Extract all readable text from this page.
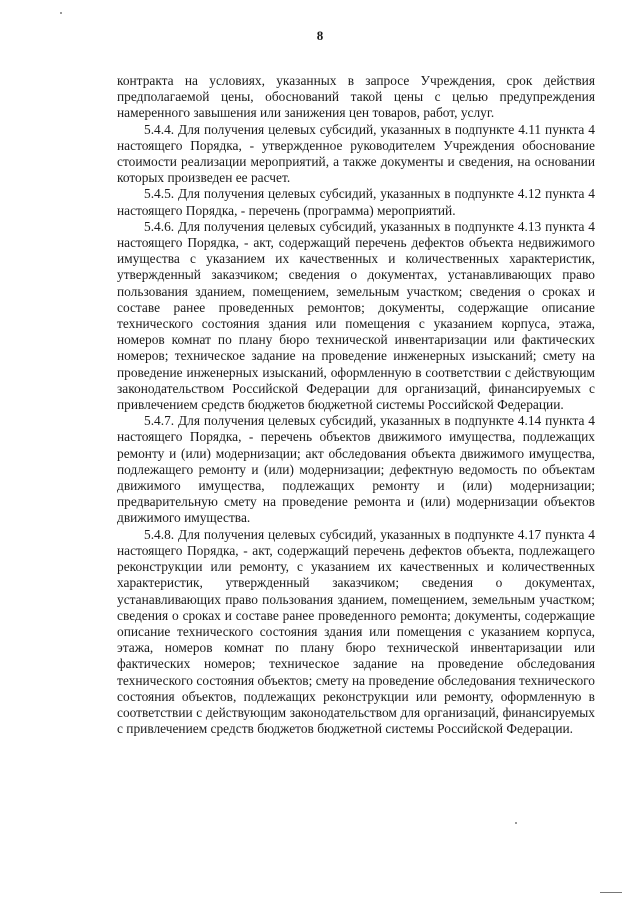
8

контракта на условиях, указанных в запросе Учреждения, срок действия предполагаемой цены, обоснований такой цены с целью предупреждения намеренного завышения или занижения цен товаров, работ, услуг.

5.4.4. Для получения целевых субсидий, указанных в подпункте 4.11 пункта 4 настоящего Порядка, - утвержденное руководителем Учреждения обоснование стоимости реализации мероприятий, а также документы и сведения, на основании которых произведен ее расчет.

5.4.5. Для получения целевых субсидий, указанных в подпункте 4.12 пункта 4 настоящего Порядка, - перечень (программа) мероприятий.

5.4.6. Для получения целевых субсидий, указанных в подпункте 4.13 пункта 4 настоящего Порядка, - акт, содержащий перечень дефектов объекта недвижимого имущества с указанием их качественных и количественных характеристик, утвержденный заказчиком; сведения о документах, устанавливающих право пользования зданием, помещением, земельным участком; сведения о сроках и составе ранее проведенных ремонтов; документы, содержащие описание технического состояния здания или помещения с указанием корпуса, этажа, номеров комнат по плану бюро технической инвентаризации или фактических номеров; техническое задание на проведение инженерных изысканий; смету на проведение инженерных изысканий, оформленную в соответствии с действующим законодательством Российской Федерации для организаций, финансируемых с привлечением средств бюджетов бюджетной системы Российской Федерации.

5.4.7. Для получения целевых субсидий, указанных в подпункте 4.14 пункта 4 настоящего Порядка, - перечень объектов движимого имущества, подлежащих ремонту и (или) модернизации; акт обследования объекта движимого имущества, подлежащего ремонту и (или) модернизации; дефектную ведомость по объектам движимого имущества, подлежащих ремонту и (или) модернизации; предварительную смету на проведение ремонта и (или) модернизации объектов движимого имущества.

5.4.8. Для получения целевых субсидий, указанных в подпункте 4.17 пункта 4 настоящего Порядка, - акт, содержащий перечень дефектов объекта, подлежащего реконструкции или ремонту, с указанием их качественных и количественных характеристик, утвержденный заказчиком; сведения о документах, устанавливающих право пользования зданием, помещением, земельным участком; сведения о сроках и составе ранее проведенного ремонта; документы, содержащие описание технического состояния здания или помещения с указанием корпуса, этажа, номеров комнат по плану бюро технической инвентаризации или фактических номеров; техническое задание на проведение обследования технического состояния объектов; смету на проведение обследования технического состояния объектов, подлежащих реконструкции или ремонту, оформленную в соответствии с действующим законодательством для организаций, финансируемых с привлечением средств бюджетов бюджетной системы Российской Федерации.
